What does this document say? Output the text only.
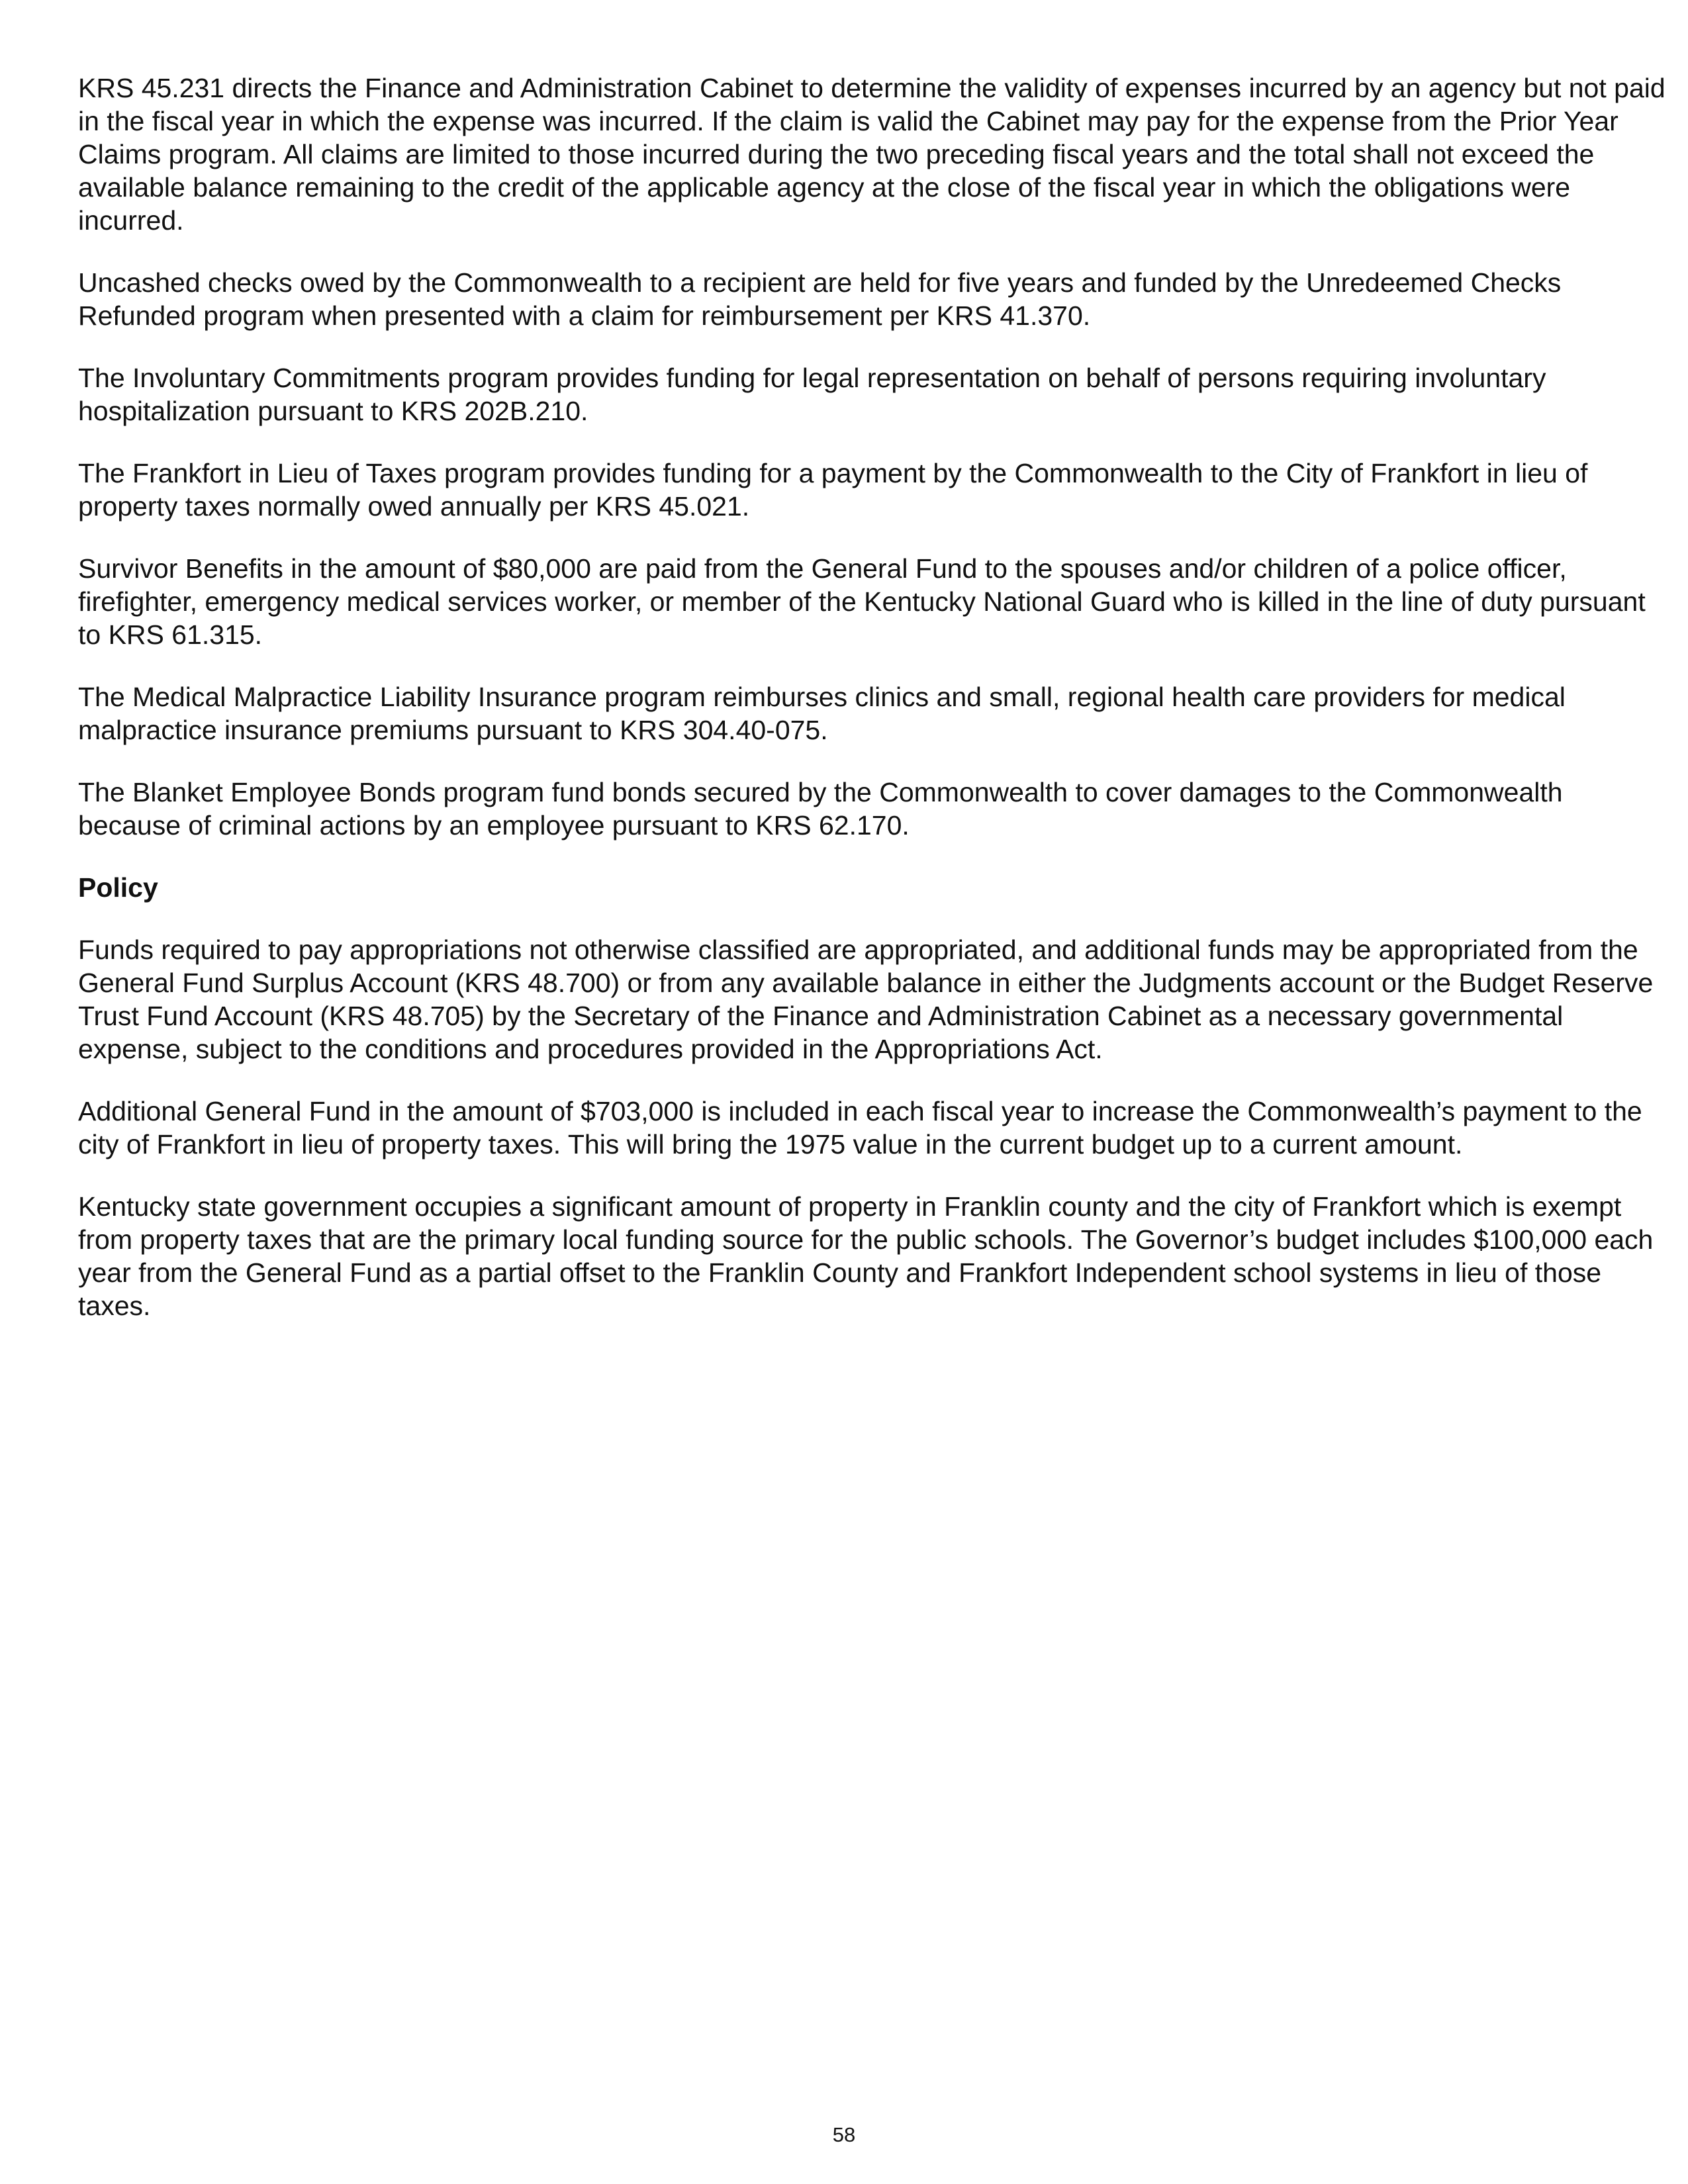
KRS 45.231 directs the Finance and Administration Cabinet to determine the validity of expenses incurred by an agency but not paid in the fiscal year in which the expense was incurred. If the claim is valid the Cabinet may pay for the expense from the Prior Year Claims program. All claims are limited to those incurred during the two preceding fiscal years and the total shall not exceed the available balance remaining to the credit of the applicable agency at the close of the fiscal year in which the obligations were incurred.

Uncashed checks owed by the Commonwealth to a recipient are held for five years and funded by the Unredeemed Checks Refunded program when presented with a claim for reimbursement per KRS 41.370.

The Involuntary Commitments program provides funding for legal representation on behalf of persons requiring involuntary hospitalization pursuant to KRS 202B.210.

The Frankfort in Lieu of Taxes program provides funding for a payment by the Commonwealth to the City of Frankfort in lieu of property taxes normally owed annually per KRS 45.021.

Survivor Benefits in the amount of $80,000 are paid from the General Fund to the spouses and/or children of a police officer, firefighter, emergency medical services worker, or member of the Kentucky National Guard who is killed in the line of duty pursuant to KRS 61.315.

The Medical Malpractice Liability Insurance program reimburses clinics and small, regional health care providers for medical malpractice insurance premiums pursuant to KRS 304.40-075.

The Blanket Employee Bonds program fund bonds secured by the Commonwealth to cover damages to the Commonwealth because of criminal actions by an employee pursuant to KRS 62.170.

Policy

Funds required to pay appropriations not otherwise classified are appropriated, and additional funds may be appropriated from the General Fund Surplus Account (KRS 48.700) or from any available balance in either the Judgments account or the Budget Reserve Trust Fund Account (KRS 48.705) by the Secretary of the Finance and Administration Cabinet as a necessary governmental expense, subject to the conditions and procedures provided in the Appropriations Act.

Additional General Fund in the amount of $703,000 is included in each fiscal year to increase the Commonwealth’s payment to the city of Frankfort in lieu of property taxes. This will bring the 1975 value in the current budget up to a current amount.

Kentucky state government occupies a significant amount of property in Franklin county and the city of Frankfort which is exempt from property taxes that are the primary local funding source for the public schools. The Governor’s budget includes $100,000 each year from the General Fund as a partial offset to the Franklin County and Frankfort Independent school systems in lieu of those taxes.

58
